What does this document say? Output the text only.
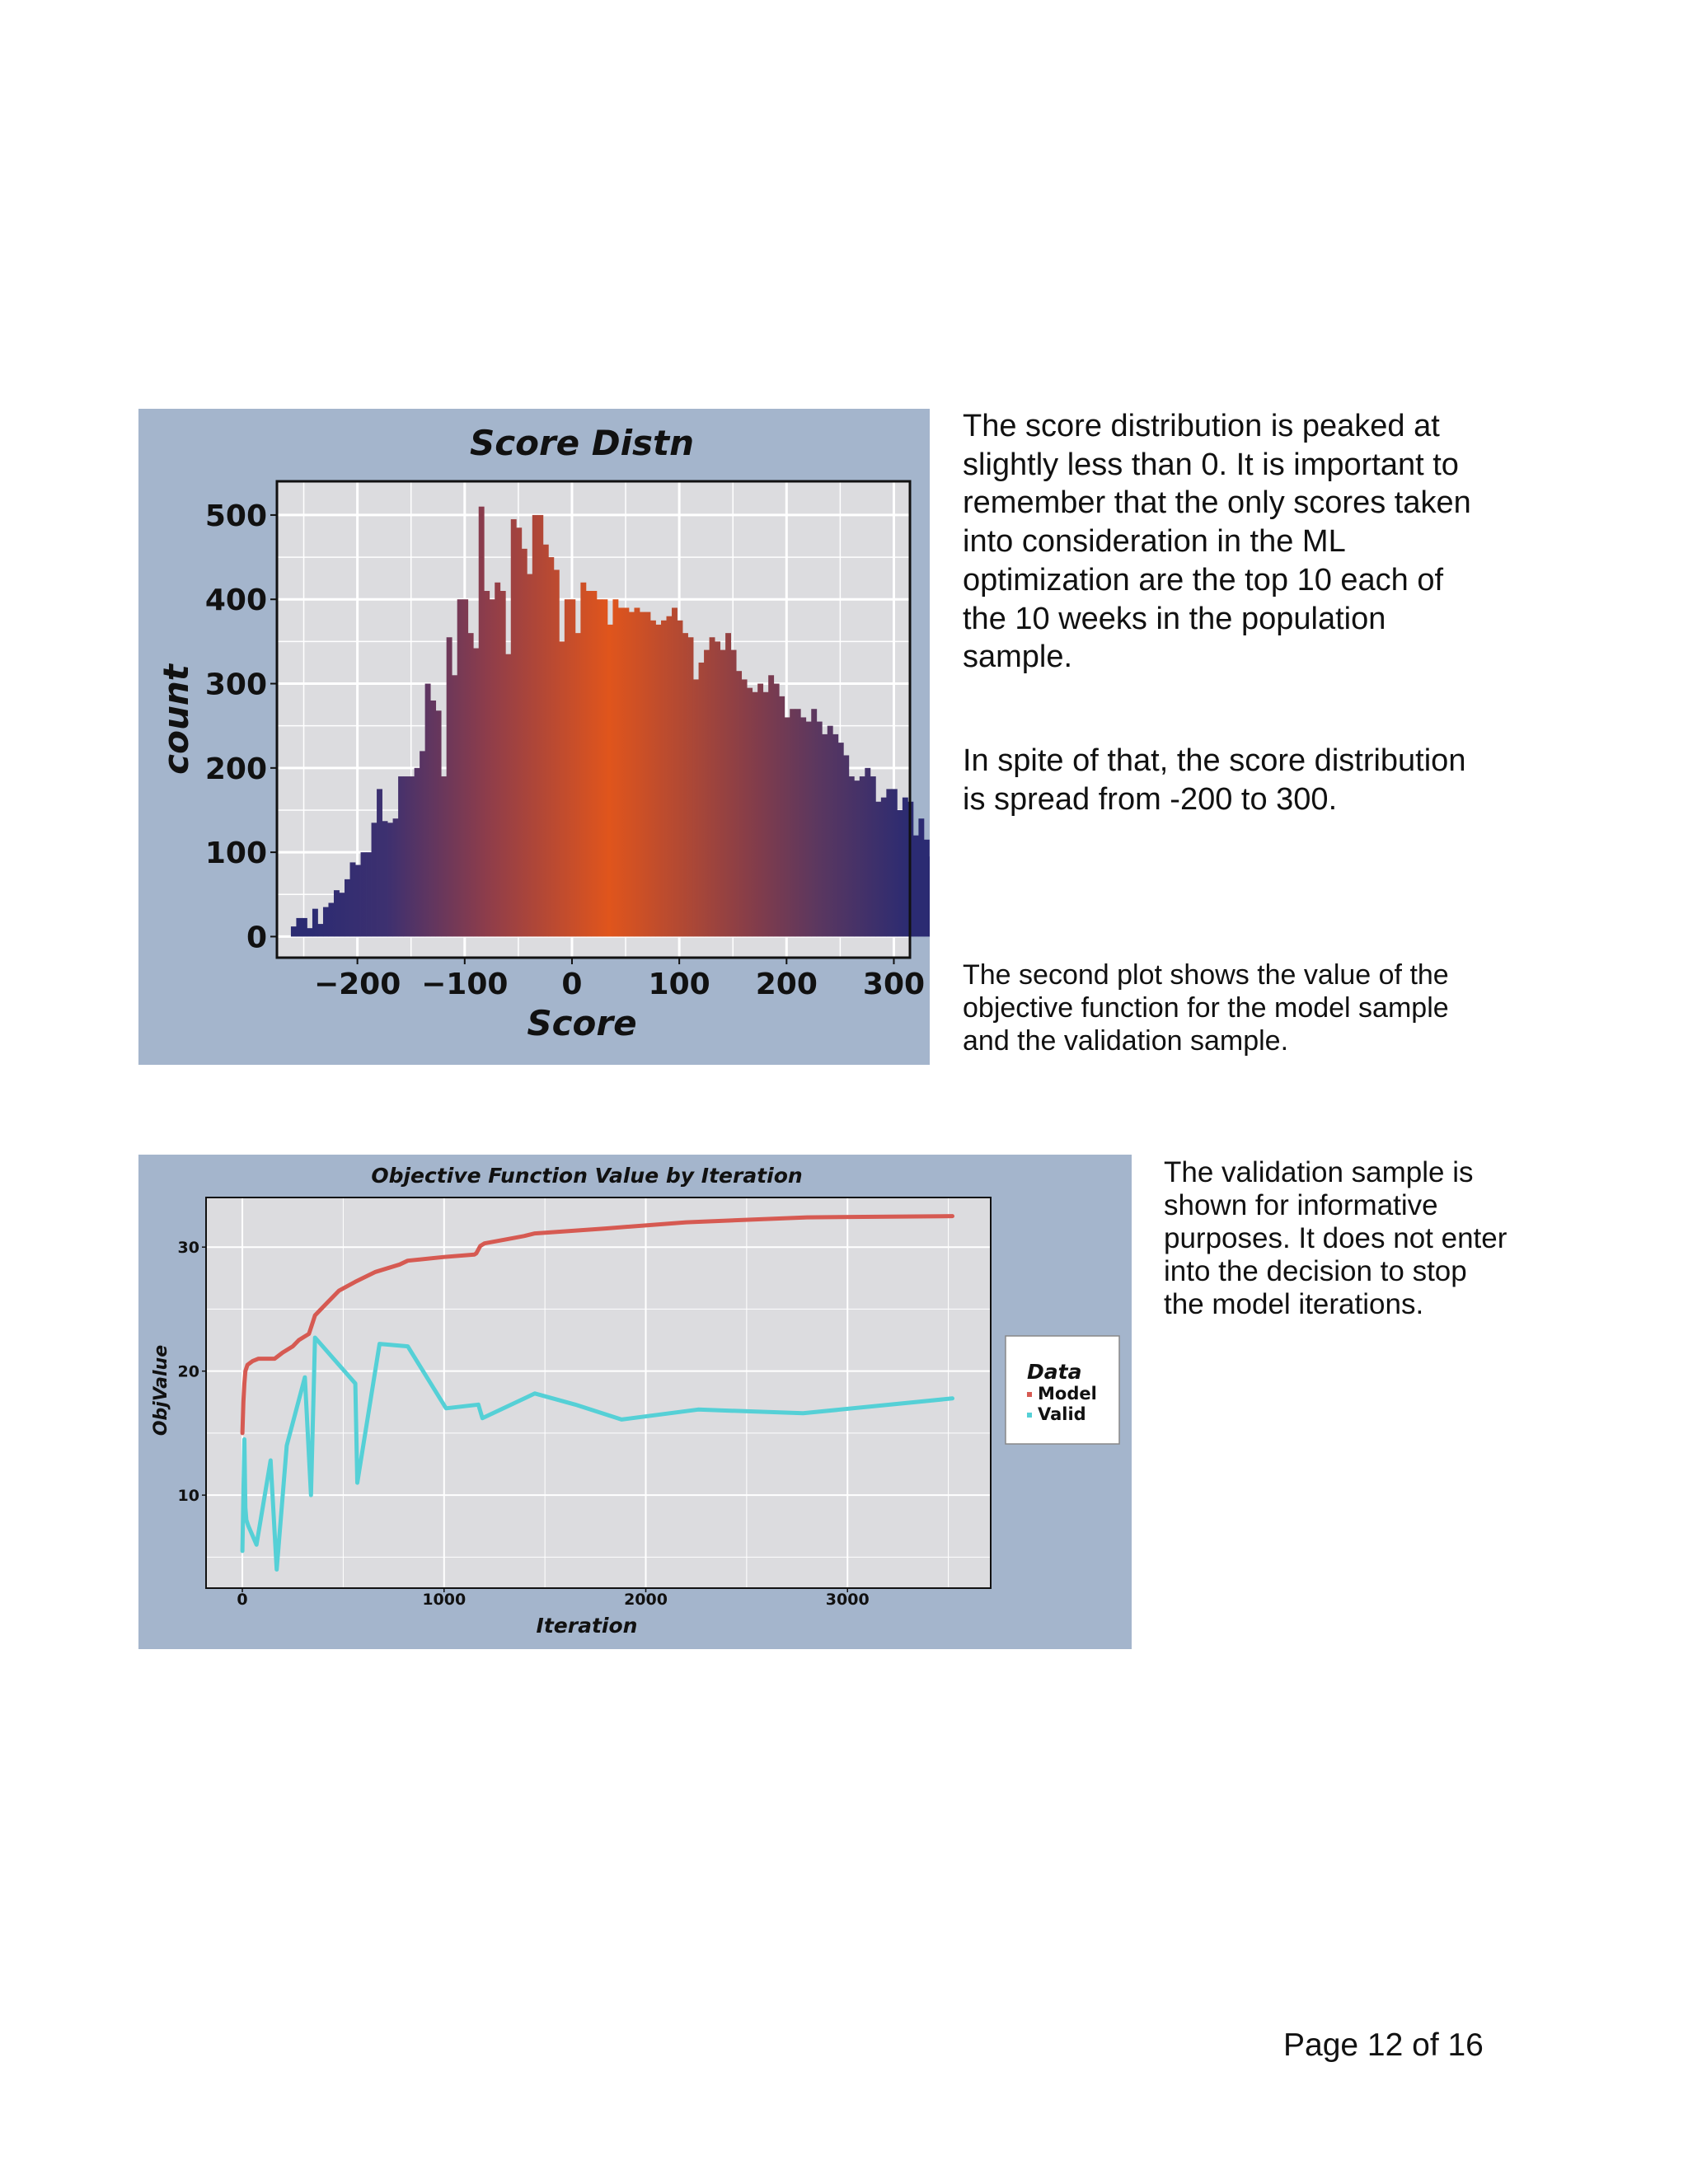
−200 −100 0 100 200 300
0
100
200
300
400
500
Score Distn
Score
count
0	1000	2000	3000
10
20
30
Objective Function Value by Iteration
Iteration
ObjValue	Data
Model
Valid
The score distribution is peaked at slightly less than 0. It is important to remember that the only scores taken into consideration in the ML optimization are the top 10 each of the 10 weeks in the population sample.
In spite of that, the score distribution is spread from -200 to 300.
The second plot shows the value of the objective function for the model sample and the validation sample.
The validation sample is shown for informative purposes. It does not enter into the decision to stop the model iterations.
Page 12 of 16
